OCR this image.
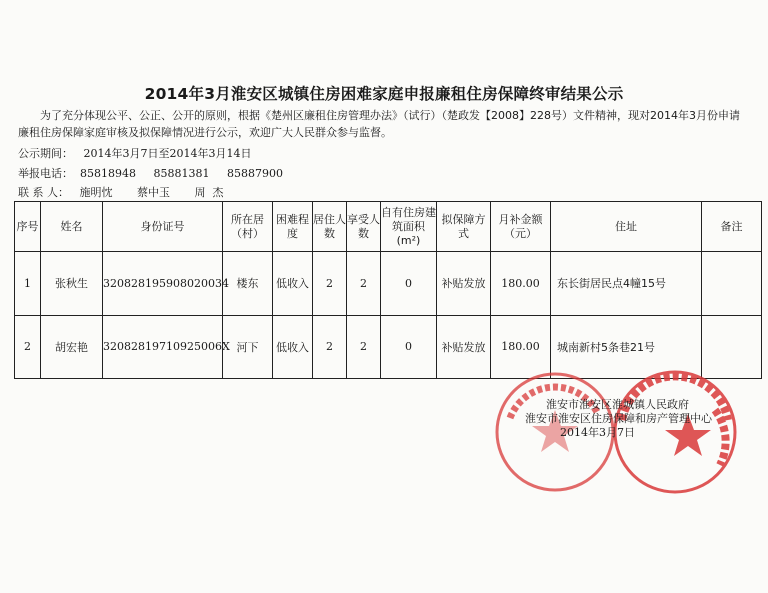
2014年3月淮安区城镇住房困难家庭申报廉租住房保障终审结果公示
为了充分体现公平、公正、公开的原则，根据《楚州区廉租住房管理办法》（试行）（楚政发【2008】228号）文件精神，现对2014年3月份申请廉租住房保障家庭审核及拟保障情况进行公示，欢迎广大人民群众参与监督。
公示期间： 2014年3月7日至2014年3月14日
举报电话： 85818948 85881381 85887900
联 系 人： 施明忱 蔡中玉 周  杰
序号	姓名	身份证号	所在居（村）	困难程度	居住人数	享受人数	自有住房建筑面积(m²)	拟保障方式	月补金额（元）	住址	备注
1	张秋生	320828195908020034	楼东	低收入	2	2	0	补贴发放	180.00	东长街居民点4幢15号	
2	胡宏艳	32082819710925006X	河下	低收入	2	2	0	补贴发放	180.00	城南新村5条巷21号	
淮安市淮安区淮城镇人民政府
淮安市淮安区住房保障和房产管理中心
2014年3月7日
